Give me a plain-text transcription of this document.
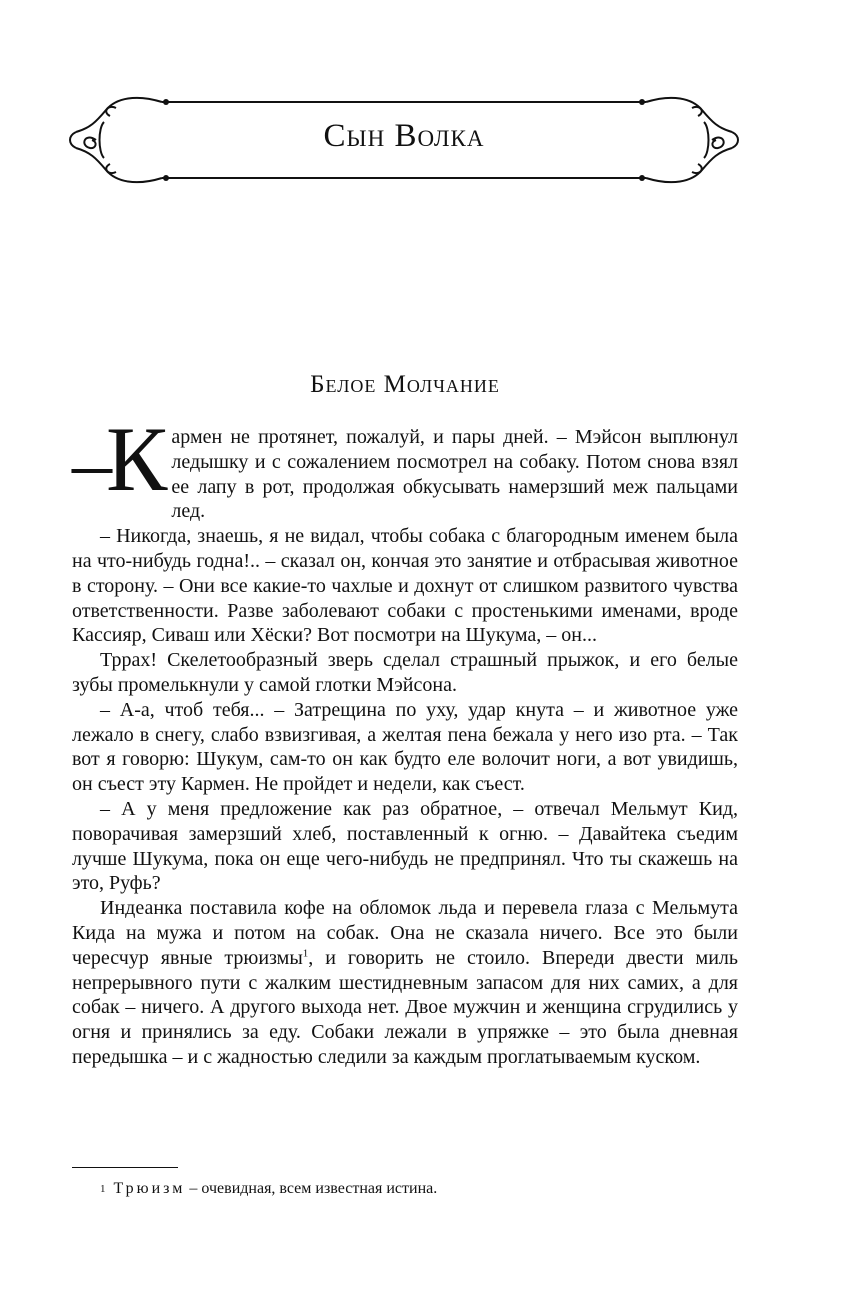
Сын Волка
Белое Молчание

–К армен не протянет, пожалуй, и пары дней. – Мэйсон выплюнул ледышку и с сожалением посмотрел на собаку. Потом снова взял ее лапу в рот, продолжая обкусывать намерзший меж пальцами лед.

– Никогда, знаешь, я не видал, чтобы собака с благородным именем была на что-нибудь годна!.. – сказал он, кончая это занятие и отбрасывая животное в сторону. – Они все какие-то чахлые и дохнут от слишком развитого чувства ответственности. Разве заболевают собаки с простенькими именами, вроде Кассияр, Сиваш или Хёски? Вот посмотри на Шукума, – он...

Тррах! Скелетообразный зверь сделал страшный прыжок, и его белые зубы промелькнули у самой глотки Мэйсона.

– А-а, чтоб тебя... – Затрещина по уху, удар кнута – и животное уже лежало в снегу, слабо взвизгивая, а желтая пена бежала у него изо рта. – Так вот я говорю: Шукум, сам-то он как будто еле волочит ноги, а вот увидишь, он съест эту Кармен. Не пройдет и недели, как съест.

– А у меня предложение как раз обратное, – отвечал Мельмут Кид, поворачивая замерзший хлеб, поставленный к огню. – Давайтека съедим лучше Шукума, пока он еще чего-нибудь не предпринял. Что ты скажешь на это, Руфь?

Индеанка поставила кофе на обломок льда и перевела глаза с Мельмута Кида на мужа и потом на собак. Она не сказала ничего. Все это были чересчур явные трюизмы$^1$, и говорить не стоило. Впереди двести миль непрерывного пути с жалким шестидневным запасом для них самих, а для собак – ничего. А другого выхода нет. Двое мужчин и женщина сгрудились у огня и принялись за еду. Собаки лежали в упряжке – это была дневная передышка – и с жадностью следили за каждым проглатываемым куском.

$^1$ Трюизм – очевидная, всем известная истина.
